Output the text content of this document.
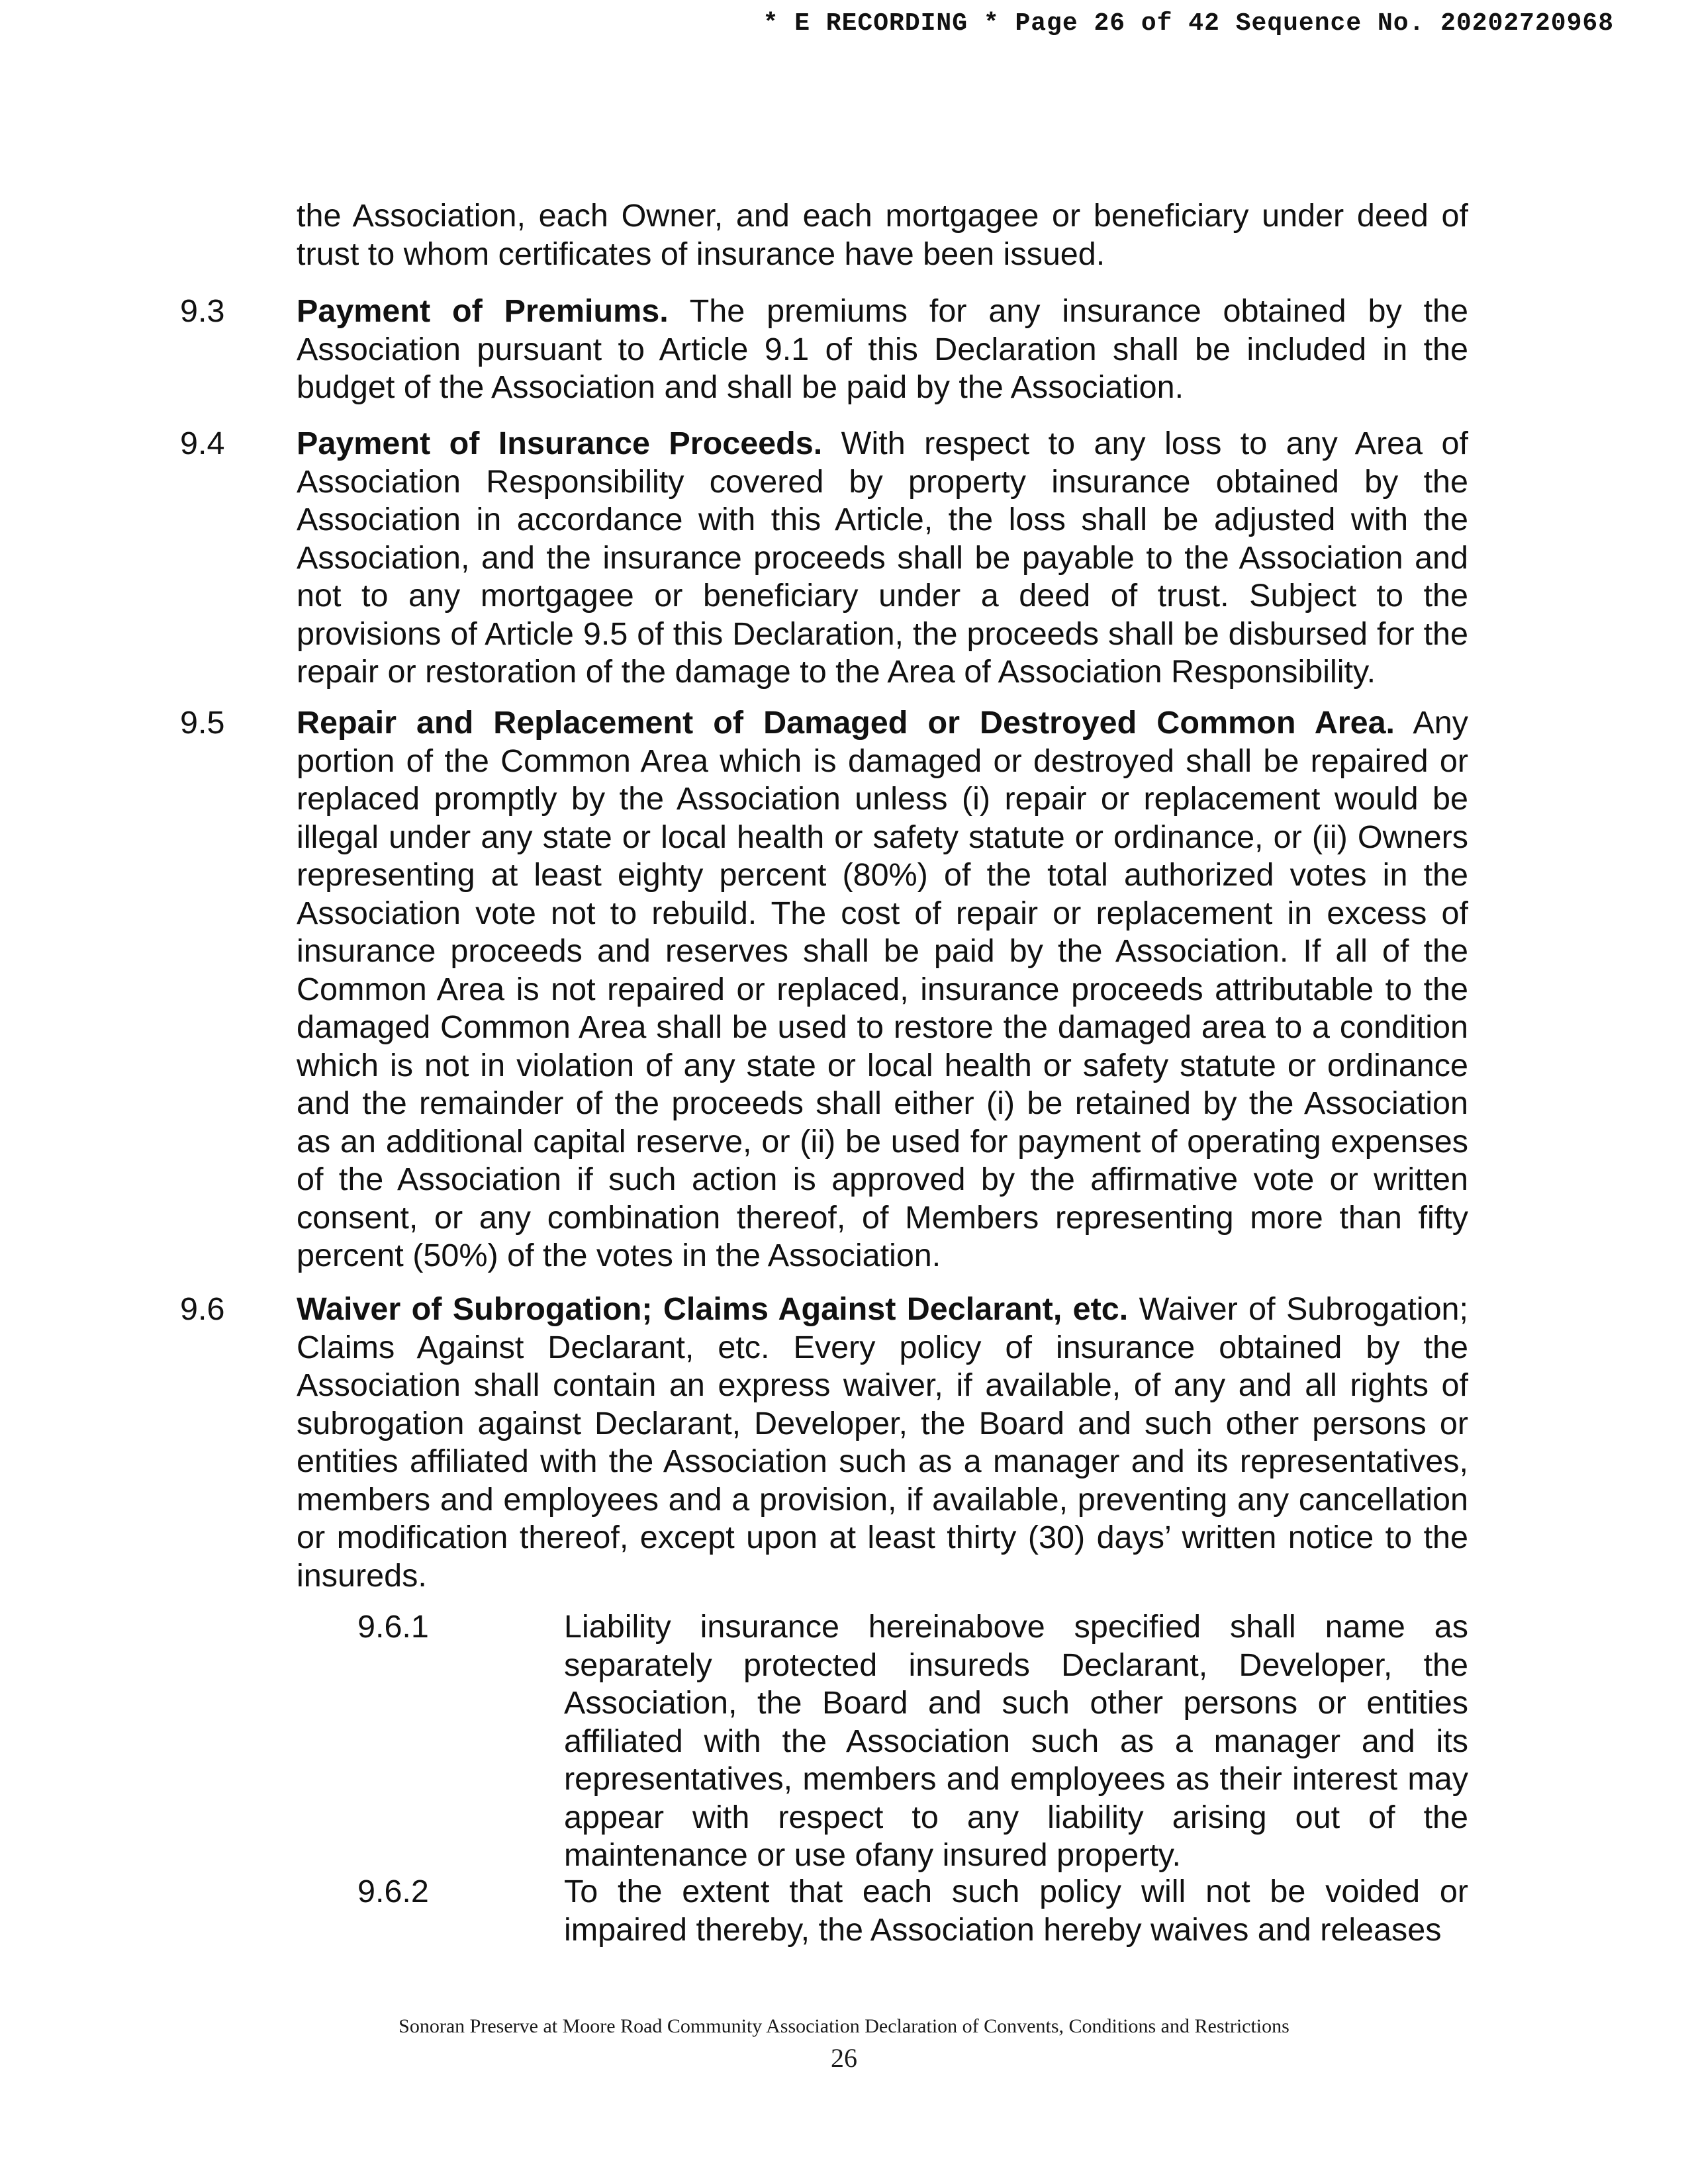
* E RECORDING * Page 26 of 42 Sequence No. 20202720968
the Association, each Owner, and each mortgagee or beneficiary under deed of trust to whom certificates of insurance have been issued.
9.3 Payment of Premiums. The premiums for any insurance obtained by the Association pursuant to Article 9.1 of this Declaration shall be included in the budget of the Association and shall be paid by the Association.
9.4 Payment of Insurance Proceeds. With respect to any loss to any Area of Association Responsibility covered by property insurance obtained by the Association in accordance with this Article, the loss shall be adjusted with the Association, and the insurance proceeds shall be payable to the Association and not to any mortgagee or beneficiary under a deed of trust. Subject to the provisions of Article 9.5 of this Declaration, the proceeds shall be disbursed for the repair or restoration of the damage to the Area of Association Responsibility.
9.5 Repair and Replacement of Damaged or Destroyed Common Area. Any portion of the Common Area which is damaged or destroyed shall be repaired or replaced promptly by the Association unless (i) repair or replacement would be illegal under any state or local health or safety statute or ordinance, or (ii) Owners representing at least eighty percent (80%) of the total authorized votes in the Association vote not to rebuild. The cost of repair or replacement in excess of insurance proceeds and reserves shall be paid by the Association. If all of the Common Area is not repaired or replaced, insurance proceeds attributable to the damaged Common Area shall be used to restore the damaged area to a condition which is not in violation of any state or local health or safety statute or ordinance and the remainder of the proceeds shall either (i) be retained by the Association as an additional capital reserve, or (ii) be used for payment of operating expenses of the Association if such action is approved by the affirmative vote or written consent, or any combination thereof, of Members representing more than fifty percent (50%) of the votes in the Association.
9.6 Waiver of Subrogation; Claims Against Declarant, etc. Waiver of Subrogation; Claims Against Declarant, etc. Every policy of insurance obtained by the Association shall contain an express waiver, if available, of any and all rights of subrogation against Declarant, Developer, the Board and such other persons or entities affiliated with the Association such as a manager and its representatives, members and employees and a provision, if available, preventing any cancellation or modification thereof, except upon at least thirty (30) days’ written notice to the insureds.
9.6.1	Liability insurance hereinabove specified shall name as separately protected insureds Declarant, Developer, the Association, the Board and such other persons or entities affiliated with the Association such as a manager and its representatives, members and employees as their interest may appear with respect to any liability arising out of the maintenance or use ofany insured property.
9.6.2	To the extent that each such policy will not be voided or impaired thereby, the Association hereby waives and releases
Sonoran Preserve at Moore Road Community Association Declaration of Convents, Conditions and Restrictions
26
